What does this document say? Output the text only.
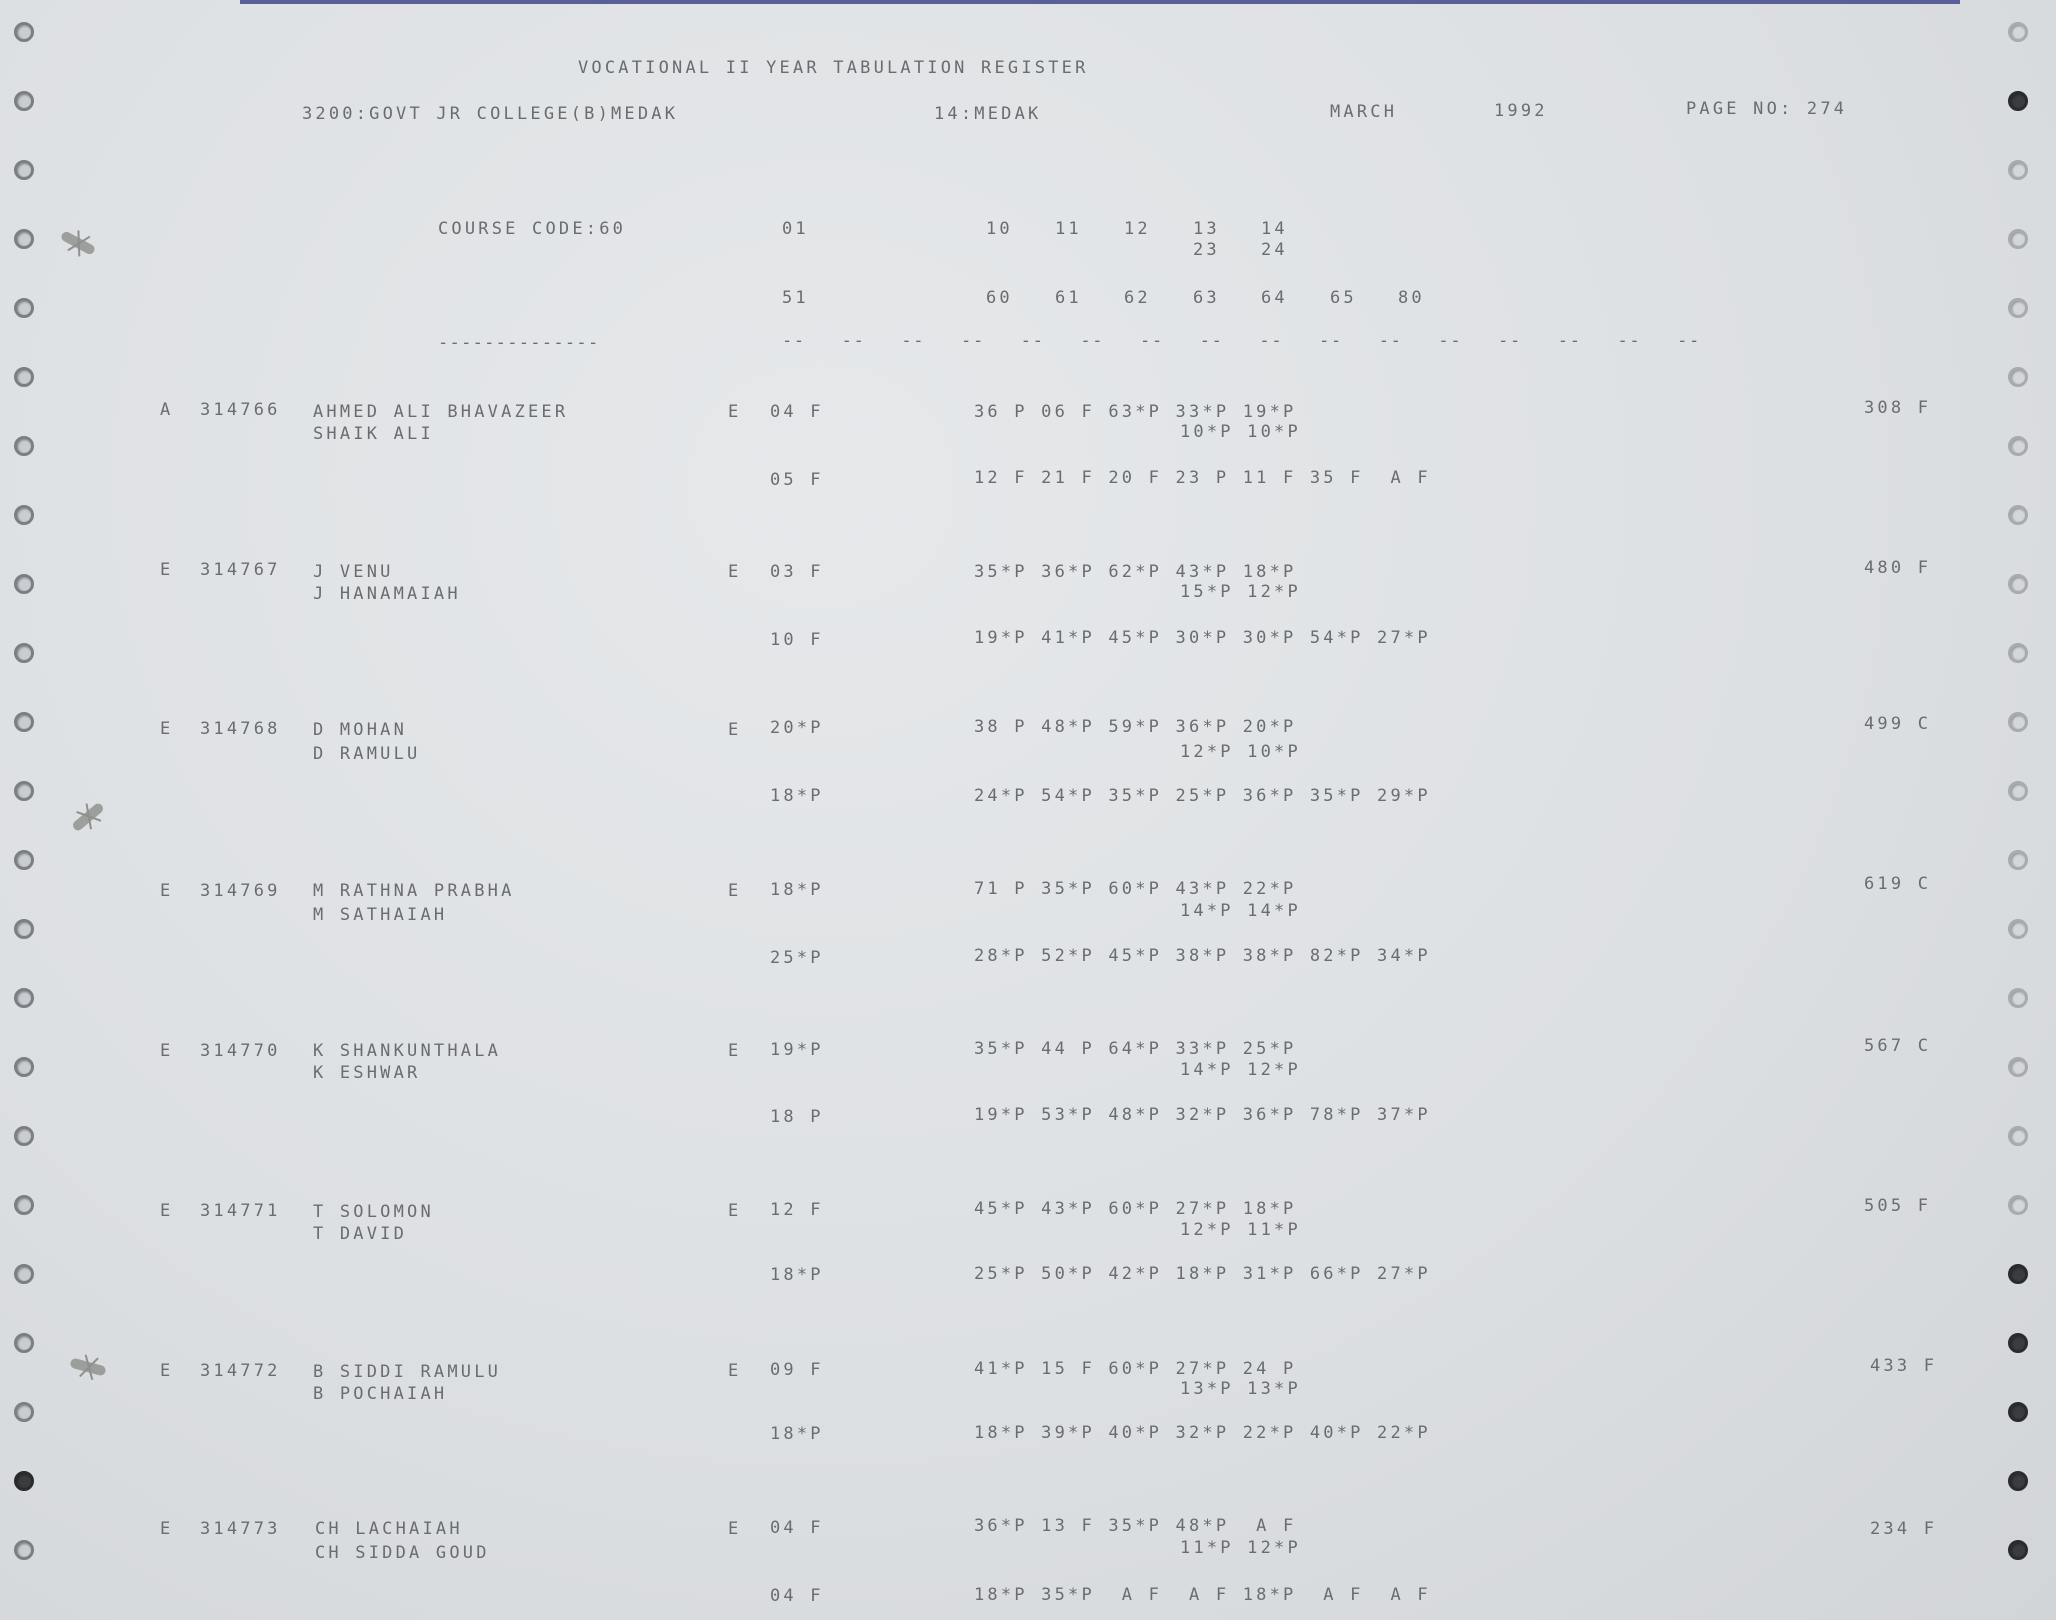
VOCATIONAL II YEAR TABULATION REGISTER
3200:GOVT JR COLLEGE(B)MEDAK	14:MEDAK	MARCH	1992	PAGE NO: 274
COURSE CODE:60	01	10 11 12 13 14
23 24
51	60 61 62 63 64 65 80
--------------	--   --   --   --   --   --   --   --   --   --   --   --   --   --   --   --
A 314766 AHMED ALI BHAVAZEER
SHAIK ALI
E 04 F	36 P 06 F 63*P 33*P 19*P
10*P 10*P
05 F	12 F 21 F 20 F 23 P 11 F 35 F  A F
308 F
E 314767 J VENU
J HANAMAIAH
E 03 F	35*P 36*P 62*P 43*P 18*P
15*P 12*P
10 F	19*P 41*P 45*P 30*P 30*P 54*P 27*P
480 F
E 314768 D MOHAN
D RAMULU
E 20*P	38 P 48*P 59*P 36*P 20*P
12*P 10*P
18*P	24*P 54*P 35*P 25*P 36*P 35*P 29*P
499 C
E 314769 M RATHNA PRABHA
M SATHAIAH
E 18*P	71 P 35*P 60*P 43*P 22*P
14*P 14*P
25*P	28*P 52*P 45*P 38*P 38*P 82*P 34*P
619 C
E 314770 K SHANKUNTHALA
K ESHWAR
E 19*P	35*P 44 P 64*P 33*P 25*P
14*P 12*P
18 P	19*P 53*P 48*P 32*P 36*P 78*P 37*P
567 C
E 314771 T SOLOMON
T DAVID
E 12 F	45*P 43*P 60*P 27*P 18*P
12*P 11*P
18*P	25*P 50*P 42*P 18*P 31*P 66*P 27*P
505 F
E 314772 B SIDDI RAMULU
B POCHAIAH
E 09 F	41*P 15 F 60*P 27*P 24 P
13*P 13*P
18*P	18*P 39*P 40*P 32*P 22*P 40*P 22*P
433 F
E 314773 CH LACHAIAH
CH SIDDA GOUD
E 04 F	36*P 13 F 35*P 48*P  A F
11*P 12*P
04 F	18*P 35*P  A F  A F 18*P  A F  A F
234 F
